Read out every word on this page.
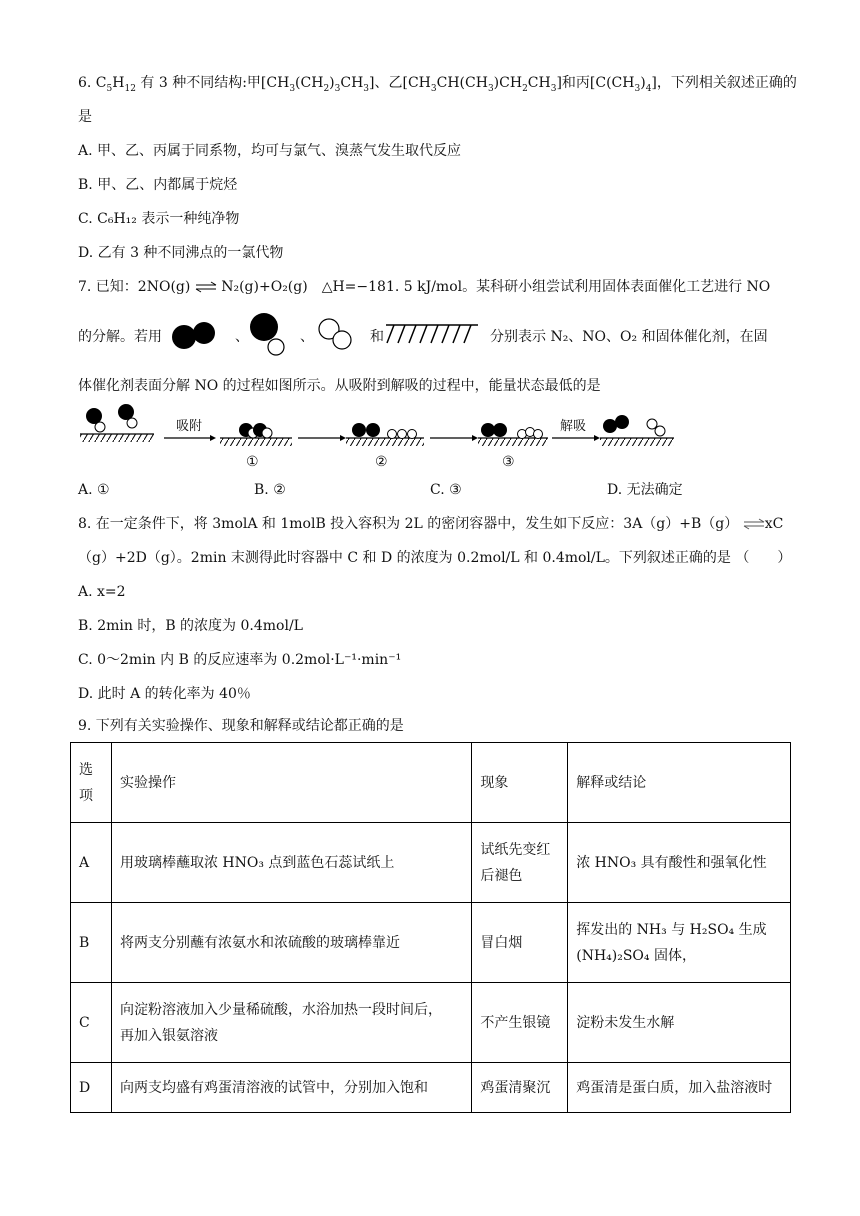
6. $C_5H_{12}$ 有 3 种不同结构:甲$[CH_3(CH_2)_3CH_3]$、乙$[CH_3CH(CH_3)CH_2CH_3]$和丙$[C(CH_3)_4]$，下列相关叙述正确的
是
A. 甲、乙、丙属于同系物，均可与氯气、溴蒸气发生取代反应
B. 甲、乙、内都属于烷烃
C. C₆H₁₂ 表示一种纯净物
D. 乙有 3 种不同沸点的一氯代物
7. 已知：2NO(g) ⇌ N₂(g)+O₂(g)　△H=−181. 5 kJ/mol。某科研小组尝试利用固体表面催化工艺进行 NO
的分解。若用	、	、	和	分别表示 N₂、NO、O₂ 和固体催化剂，在固
体催化剂表面分解 NO 的过程如图所示。从吸附到解吸的过程中，能量状态最低的是
吸附	解吸
①	②	③
A. ①	B. ②	C. ③	D. 无法确定
8. 在一定条件下，将 3molA 和 1molB 投入容积为 2L 的密闭容器中，发生如下反应：3A（g）+B（g） ⇌xC
（g）+2D（g）。2min 末测得此时容器中 C 和 D 的浓度为 0.2mol/L 和 0.4mol/L。下列叙述正确的是 （　　）
A. x=2
B. 2min 时，B 的浓度为 0.4mol/L
C. 0～2min 内 B 的反应速率为 0.2mol·L⁻¹·min⁻¹
D. 此时 A 的转化率为 40％
9. 下列有关实验操作、现象和解释或结论都正确的是
选
项	实验操作	现象	解释或结论
A	用玻璃棒蘸取浓 HNO₃ 点到蓝色石蕊试纸上	试纸先变红
后褪色	浓 HNO₃ 具有酸性和强氧化性

B	将两支分别蘸有浓氨水和浓硫酸的玻璃棒靠近	冒白烟	挥发出的 NH₃ 与 H₂SO₄ 生成
(NH₄)₂SO₄ 固体，

C	向淀粉溶液加入少量稀硫酸，水浴加热一段时间后，
再加入银氨溶液	不产生银镜	淀粉未发生水解

D	向两支均盛有鸡蛋清溶液的试管中，分别加入饱和	鸡蛋清聚沉	鸡蛋清是蛋白质，加入盐溶液时
